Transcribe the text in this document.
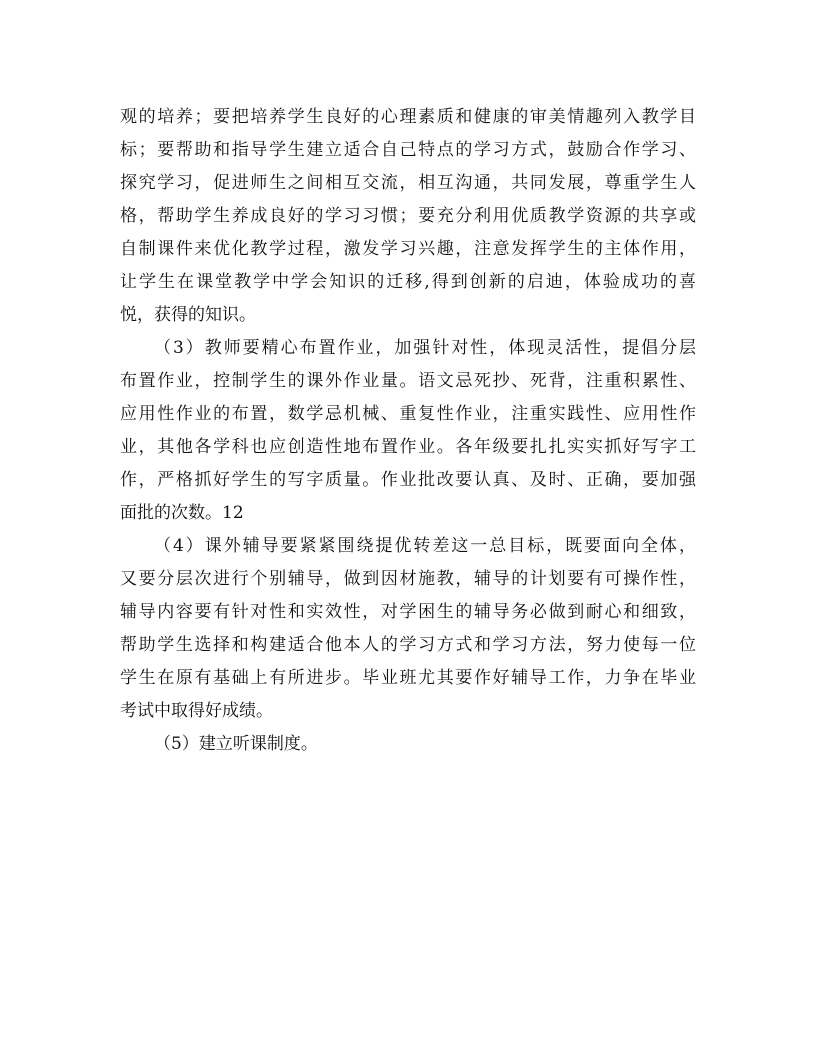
观的培养；要把培养学生良好的心理素质和健康的审美情趣列入教学目
标；要帮助和指导学生建立适合自己特点的学习方式，鼓励合作学习、
探究学习，促进师生之间相互交流，相互沟通，共同发展，尊重学生人
格，帮助学生养成良好的学习习惯；要充分利用优质教学资源的共享或
自制课件来优化教学过程，激发学习兴趣，注意发挥学生的主体作用，
让学生在课堂教学中学会知识的迁移,得到创新的启迪，体验成功的喜
悦，获得的知识。
（3）教师要精心布置作业，加强针对性，体现灵活性，提倡分层
布置作业，控制学生的课外作业量。语文忌死抄、死背，注重积累性、
应用性作业的布置，数学忌机械、重复性作业，注重实践性、应用性作
业，其他各学科也应创造性地布置作业。各年级要扎扎实实抓好写字工
作，严格抓好学生的写字质量。作业批改要认真、及时、正确，要加强
面批的次数。12
（4）课外辅导要紧紧围绕提优转差这一总目标，既要面向全体，
又要分层次进行个别辅导，做到因材施教，辅导的计划要有可操作性，
辅导内容要有针对性和实效性，对学困生的辅导务必做到耐心和细致，
帮助学生选择和构建适合他本人的学习方式和学习方法，努力使每一位
学生在原有基础上有所进步。毕业班尤其要作好辅导工作，力争在毕业
考试中取得好成绩。
（5）建立听课制度。
